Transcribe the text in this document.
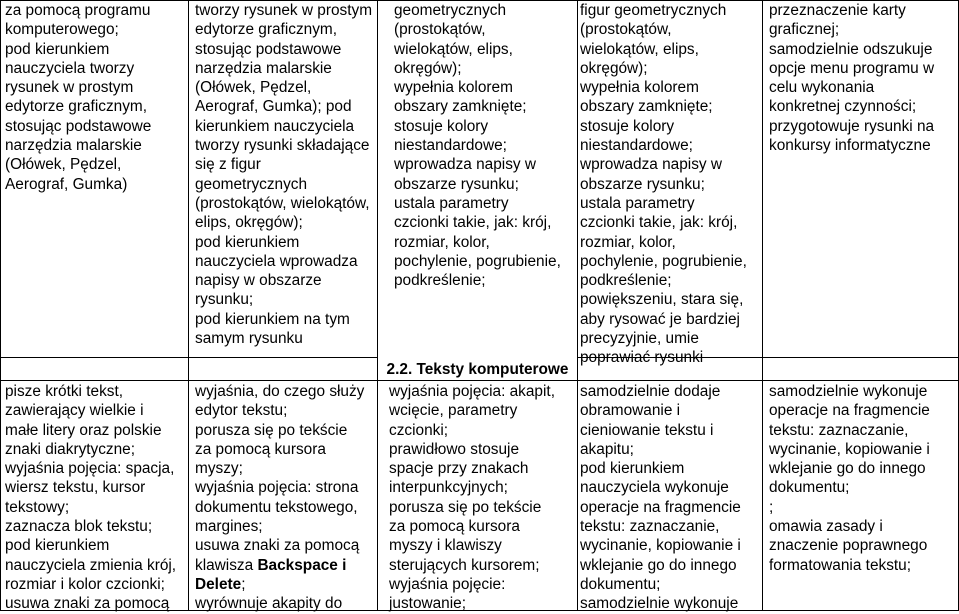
2.2. Teksty komputerowe
za pomocą programu
komputerowego;
pod kierunkiem
nauczyciela tworzy
rysunek w prostym
edytorze graficznym,
stosując podstawowe
narzędzia malarskie
(Ołówek, Pędzel,
Aerograf, Gumka)
tworzy rysunek w prostym
edytorze graficznym,
stosując podstawowe
narzędzia malarskie
(Ołówek, Pędzel,
Aerograf, Gumka); pod
kierunkiem nauczyciela
tworzy rysunki składające
się z figur
geometrycznych
(prostokątów, wielokątów,
elips, okręgów);
pod kierunkiem
nauczyciela wprowadza
napisy w obszarze
rysunku;
pod kierunkiem na tym
samym rysunku
geometrycznych
(prostokątów,
wielokątów, elips,
okręgów);
wypełnia kolorem
obszary zamknięte;
stosuje kolory
niestandardowe;
wprowadza napisy w
obszarze rysunku;
ustala parametry
czcionki takie, jak: krój,
rozmiar, kolor,
pochylenie, pogrubienie,
podkreślenie;
figur geometrycznych
(prostokątów,
wielokątów, elips,
okręgów);
wypełnia kolorem
obszary zamknięte;
stosuje kolory
niestandardowe;
wprowadza napisy w
obszarze rysunku;
ustala parametry
czcionki takie, jak: krój,
rozmiar, kolor,
pochylenie, pogrubienie,
podkreślenie;
powiększeniu, stara się,
aby rysować je bardziej
precyzyjnie, umie
poprawiać rysunki
przeznaczenie karty
graficznej;
samodzielnie odszukuje
opcje menu programu w
celu wykonania
konkretnej czynności;
przygotowuje rysunki na
konkursy informatyczne
pisze krótki tekst,
zawierający wielkie i
małe litery oraz polskie
znaki diakrytyczne;
wyjaśnia pojęcia: spacja,
wiersz tekstu, kursor
tekstowy;
zaznacza blok tekstu;
pod kierunkiem
nauczyciela zmienia krój,
rozmiar i kolor czcionki;
usuwa znaki za pomocą
wyjaśnia, do czego służy
edytor tekstu;
porusza się po tekście
za pomocą kursora
myszy;
wyjaśnia pojęcia: strona
dokumentu tekstowego,
margines;
usuwa znaki za pomocą
klawisza Backspace i
Delete;
wyrównuje akapity do
wyjaśnia pojęcia: akapit,
wcięcie, parametry
czcionki;
prawidłowo stosuje
spacje przy znakach
interpunkcyjnych;
porusza się po tekście
za pomocą kursora
myszy i klawiszy
sterujących kursorem;
wyjaśnia pojęcie:
justowanie;
samodzielnie dodaje
obramowanie i
cieniowanie tekstu i
akapitu;
pod kierunkiem
nauczyciela wykonuje
operacje na fragmencie
tekstu: zaznaczanie,
wycinanie, kopiowanie i
wklejanie go do innego
dokumentu;
samodzielnie wykonuje
samodzielnie wykonuje
operacje na fragmencie
tekstu: zaznaczanie,
wycinanie, kopiowanie i
wklejanie go do innego
dokumentu;
;
omawia zasady i
znaczenie poprawnego
formatowania tekstu;
